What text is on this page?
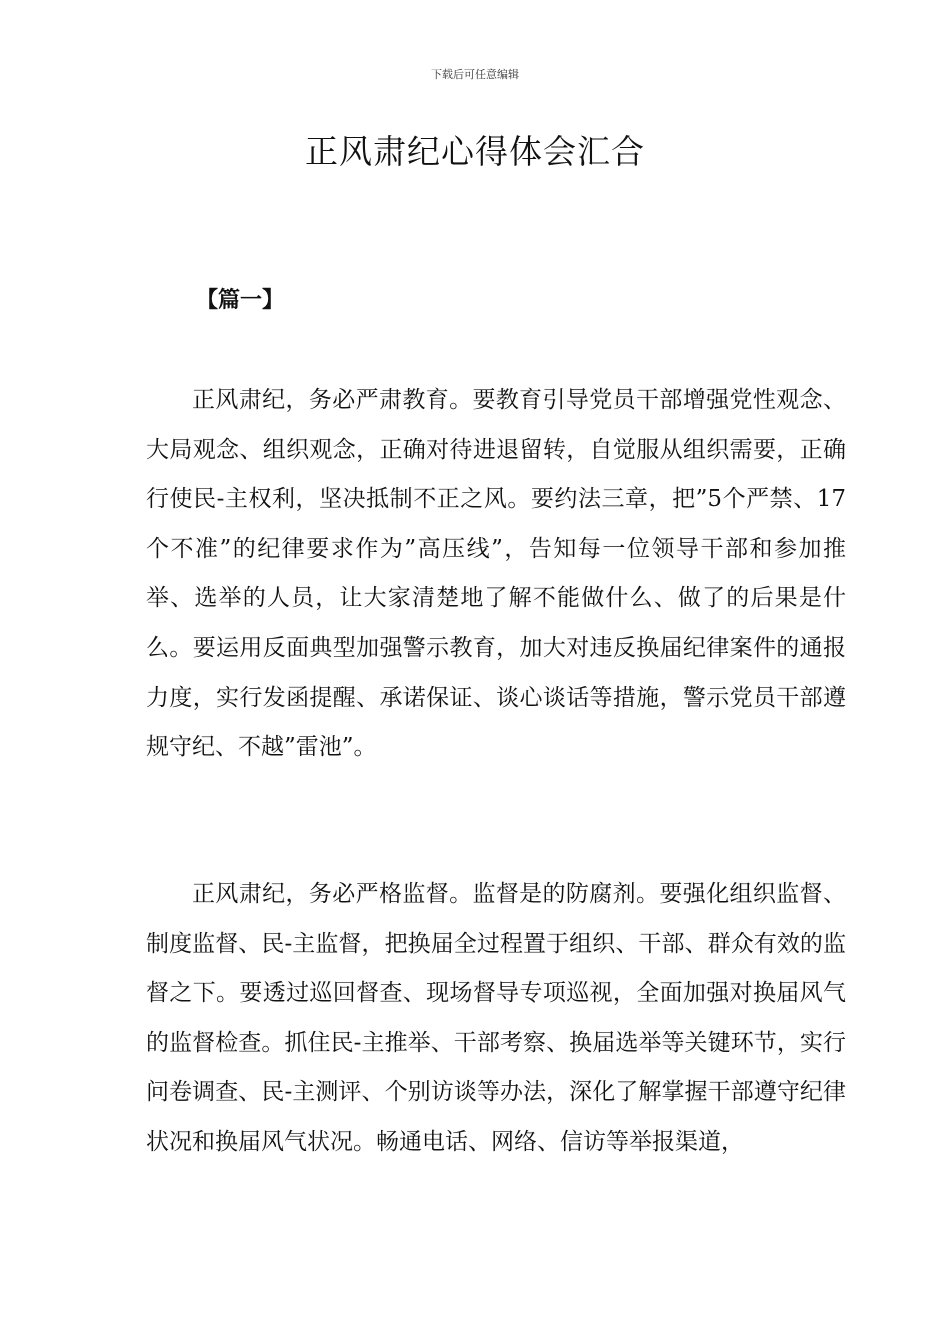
下载后可任意编辑
正风肃纪心得体会汇合
【篇一】

正风肃纪，务必严肃教育。要教育引导党员干部增强党性观念、大局观念、组织观念，正确对待进退留转，自觉服从组织需要，正确行使民-主权利，坚决抵制不正之风。要约法三章，把”5个严禁、17个不准”的纪律要求作为”高压线”，告知每一位领导干部和参加推举、选举的人员，让大家清楚地了解不能做什么、做了的后果是什么。要运用反面典型加强警示教育，加大对违反换届纪律案件的通报力度，实行发函提醒、承诺保证、谈心谈话等措施，警示党员干部遵规守纪、不越”雷池”。

正风肃纪，务必严格监督。监督是的防腐剂。要强化组织监督、制度监督、民-主监督，把换届全过程置于组织、干部、群众有效的监督之下。要透过巡回督查、现场督导专项巡视，全面加强对换届风气的监督检查。抓住民-主推举、干部考察、换届选举等关键环节，实行问卷调查、民-主测评、个别访谈等办法，深化了解掌握干部遵守纪律状况和换届风气状况。畅通电话、网络、信访等举报渠道，
